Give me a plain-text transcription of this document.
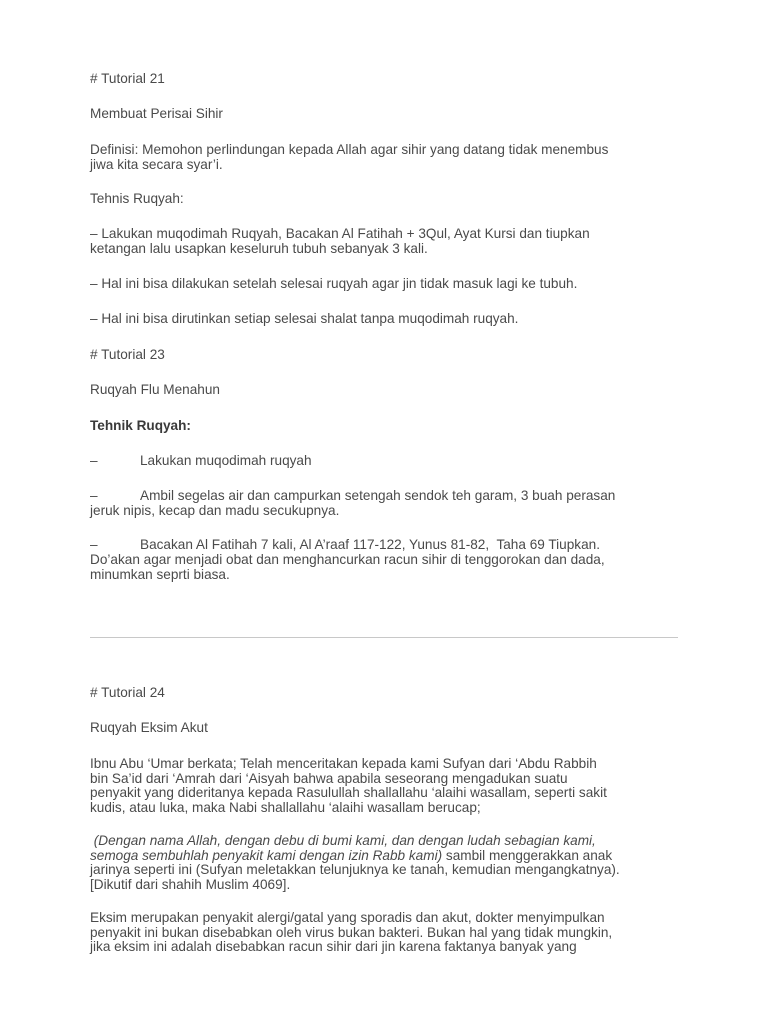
# Tutorial 21
Membuat Perisai Sihir
Definisi: Memohon perlindungan kepada Allah agar sihir yang datang tidak menembus
jiwa kita secara syar’i.
Tehnis Ruqyah:
– Lakukan muqodimah Ruqyah, Bacakan Al Fatihah + 3Qul, Ayat Kursi dan tiupkan
ketangan lalu usapkan keseluruh tubuh sebanyak 3 kali.
– Hal ini bisa dilakukan setelah selesai ruqyah agar jin tidak masuk lagi ke tubuh.
– Hal ini bisa dirutinkan setiap selesai shalat tanpa muqodimah ruqyah.
# Tutorial 23
Ruqyah Flu Menahun
Tehnik Ruqyah:
–	Lakukan muqodimah ruqyah
–	Ambil segelas air dan campurkan setengah sendok teh garam, 3 buah perasan
jeruk nipis, kecap dan madu secukupnya.
–	Bacakan Al Fatihah 7 kali, Al A’raaf 117-122, Yunus 81-82,  Taha 69 Tiupkan.
Do’akan agar menjadi obat dan menghancurkan racun sihir di tenggorokan dan dada,
minumkan seprti biasa.
# Tutorial 24
Ruqyah Eksim Akut
Ibnu Abu ‘Umar berkata; Telah menceritakan kepada kami Sufyan dari ‘Abdu Rabbih
bin Sa’id dari ‘Amrah dari ‘Aisyah bahwa apabila seseorang mengadukan suatu
penyakit yang dideritanya kepada Rasulullah shallallahu ‘alaihi wasallam, seperti sakit
kudis, atau luka, maka Nabi shallallahu ‘alaihi wasallam berucap;
(Dengan nama Allah, dengan debu di bumi kami, dan dengan ludah sebagian kami,
semoga sembuhlah penyakit kami dengan izin Rabb kami) sambil menggerakkan anak
jarinya seperti ini (Sufyan meletakkan telunjuknya ke tanah, kemudian mengangkatnya).
[Dikutif dari shahih Muslim 4069].
Eksim merupakan penyakit alergi/gatal yang sporadis dan akut, dokter menyimpulkan
penyakit ini bukan disebabkan oleh virus bukan bakteri. Bukan hal yang tidak mungkin,
jika eksim ini adalah disebabkan racun sihir dari jin karena faktanya banyak yang
